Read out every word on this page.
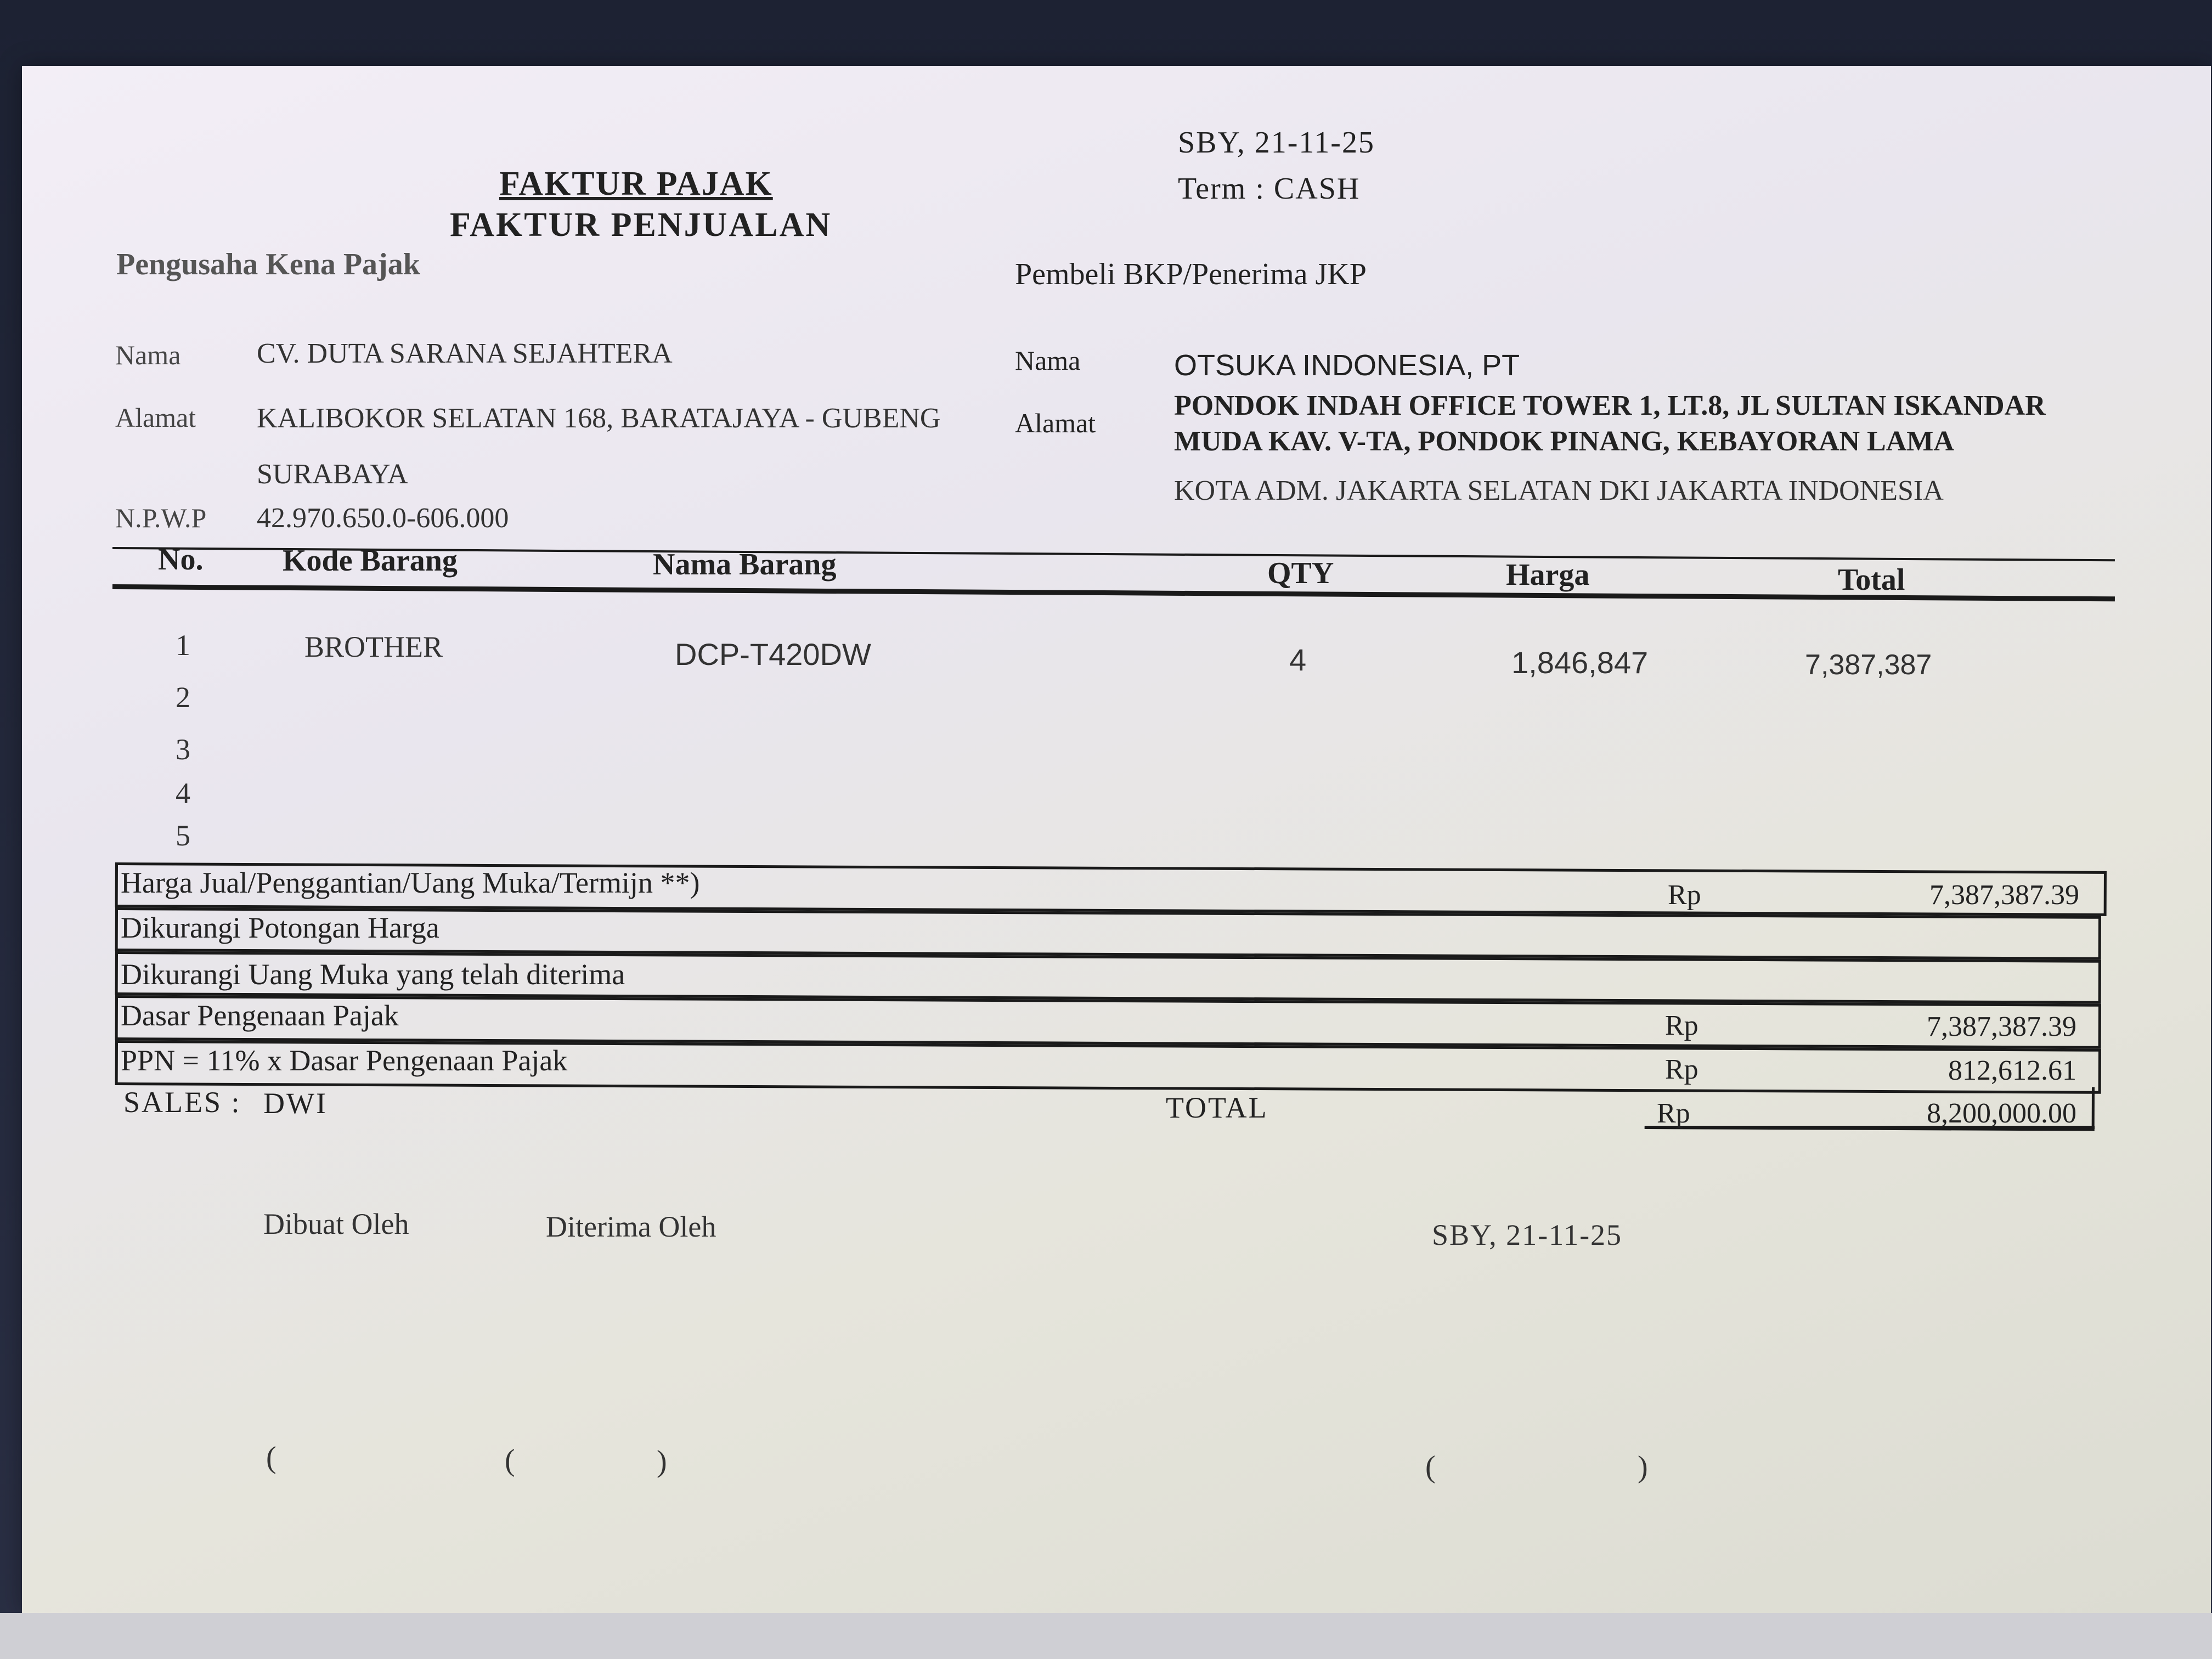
SBY, 21-11-25
Term : CASH
FAKTUR PAJAK
FAKTUR PENJUALAN
Pengusaha Kena Pajak	Pembeli BKP/Penerima JKP
Nama	CV. DUTA SARANA SEJAHTERA
Alamat KALIBOKOR SELATAN 168, BARATAJAYA - GUBENG
SURABAYA
N.P.W.P 42.970.650.0-606.000
Nama	OTSUKA INDONESIA, PT
Alamat
PONDOK INDAH OFFICE TOWER 1, LT.8, JL SULTAN ISKANDAR
MUDA KAV. V-TA, PONDOK PINANG, KEBAYORAN LAMA
KOTA ADM. JAKARTA SELATAN DKI JAKARTA INDONESIA
No.	Kode Barang	Nama Barang	QTY	Harga	Total
1	BROTHER	DCP-T420DW	4	1,846,847	7,387,387
2
3
4
5
Harga Jual/Penggantian/Uang Muka/Termijn **)	Rp	7,387,387.39
Dikurangi Potongan Harga
Dikurangi Uang Muka yang telah diterima
Dasar Pengenaan Pajak	Rp	7,387,387.39
PPN = 11% x Dasar Pengenaan Pajak	Rp	812,612.61
TOTAL	Rp	8,200,000.00
SALES : DWI
Dibuat Oleh	Diterima Oleh	SBY, 21-11-25
(	(	)	(	)
